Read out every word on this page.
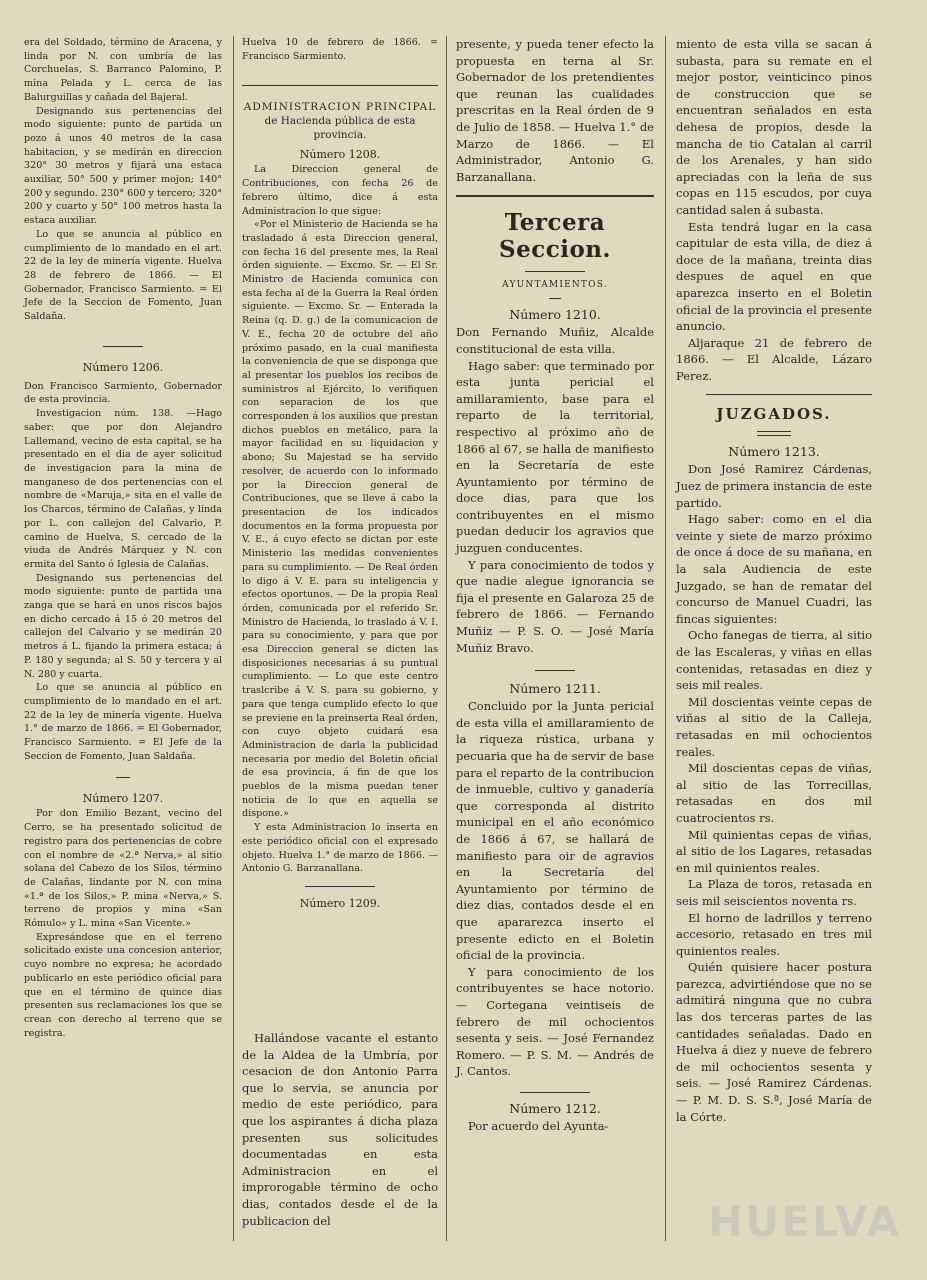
era del Soldado, término de Aracena, y linda por N. con umbría de las Corchuelas, S. Barranco Palomino, P. mina Pelada y L. cerca de las Balurguillas y cañada del Bajeral.

Designando sus pertenencias del modo siguiente: punto de partida un pozo á unos 40 metros de la casa habitacion, y se medirán en direccion 320° 30 metros y fijará una estaca auxiliar, 50° 500 y primer mojon; 140° 200 y segundo. 230° 600 y tercero; 320° 200 y cuarto y 50° 100 metros hasta la estaca auxiliar.

Lo que se anuncia al público en cumplimiento de lo mandado en el art. 22 de la ley de minería vigente. Huelva 28 de febrero de 1866. — El Gobernador, Francisco Sarmiento. = El Jefe de la Seccion de Fomento, Juan Saldaña.

Número 1206.

Don Francisco Sarmiento, Gobernador de esta provincia.

Investigacion núm. 138. —Hago saber: que por don Alejandro Lallemand, vecino de esta capital, se ha presentado en el dia de ayer solicitud de investigacion para la mina de manganeso de dos pertenencias con el nombre de «Maruja,» sita en el valle de los Charcos, término de Calañas, y linda por L. con callejon del Calvario, P. camino de Huelva, S. cercado de la viuda de Andrés Márquez y N. con ermita del Santo ó Iglesia de Calañas.

Designando sus pertenencias del modo siguiente: punto de partida una zanga que se hará en unos riscos bajos en dicho cercado á 15 ó 20 metros del callejon del Calvario y se medirán 20 metros á L. fijando la primera estaca; á P. 180 y segunda; al S. 50 y tercera y al N. 280 y cuarta.

Lo que se anuncia al público en cumplimiento de lo mandado en el art. 22 de la ley de minería vigente. Huelva 1.° de marzo de 1866. = El Gobernador, Francisco Sarmiento. = El Jefe de la Seccion de Fomento, Juan Saldaña.

Número 1207.

Por don Emilio Bezant, vecino del Cerro, se ha presentado solicitud de registro para dos pertenencias de cobre con el nombre de «2.ª Nerva,» al sitio solana del Cabezo de los Silos, término de Calañas, lindante por N. con mina «1.ª de los Silos,» P. mina «Nerva,» S. terreno de propios y mina «San Rómulo» y L. mina «San Vicente.»

Expresándose que en el terreno solicitado existe una concesion anterior, cuyo nombre no expresa; he acordado publicarlo en este periódico oficial para que en el término de quince dias presenten sus reclamaciones los que se crean con derecho al terreno que se registra.

Huelva 10 de febrero de 1866. = Francisco Sarmiento.

ADMINISTRACION PRINCIPAL
de Hacienda pública de esta provincia.
Número 1208.

La Direccion general de Contribuciones, con fecha 26 de febrero último, dice á esta Administracion lo que sigue:

«Por el Ministerio de Hacienda se ha trasladado á esta Direccion general, con fecha 16 del presente mes, la Real órden siguiente. — Excmo. Sr. — El Sr. Ministro de Hacienda comunica con esta fecha al de la Guerra la Real órden siguiente. — Excmo. Sr. — Enterada la Reina (q. D. g.) de la comunicacion de V. E., fecha 20 de octubre del año próximo pasado, en la cual manifiesta la conveniencia de que se disponga que al presentar los pueblos los recibos de suministros al Ejército, lo verifiquen con separacion de los que corresponden á los auxilios que prestan dichos pueblos en metálico, para la mayor facilidad en su liquidacion y abono; Su Majestad se ha servido resolver, de acuerdo con lo informado por la Direccion general de Contribuciones, que se lleve á cabo la presentacion de los indicados documentos en la forma propuesta por V. E., á cuyo efecto se dictan por este Ministerio las medidas convenientes para su cumplimiento. — De Real órden lo digo á V. E. para su inteligencia y efectos oportunos. — De la propia Real órden, comunicada por el referido Sr. Ministro de Hacienda, lo traslado á V. I. para su conocimiento, y para que por esa Direccion general se dicten las disposiciones necesarias á su puntual cumplimiento. — Lo que este centro traslcribe á V. S. para su gobierno, y para que tenga cumplido efecto lo que se previene en la preinserta Real órden, con cuyo objeto cuidará esa Administracion de darla la publicidad necesaria por medio del Boletin oficial de esa provincia, á fin de que los pueblos de la misma puedan tener noticia de lo que en aquella se dispone.»

Y esta Administracion lo inserta en este periódico oficial con el expresado objeto. Huelva 1.° de marzo de 1866. — Antonio G. Barzanallana.

Número 1209.

Hallándose vacante el estanto de la Aldea de la Umbría, por cesacion de don Antonio Parra que lo servia, se anuncia por medio de este periódico, para que los aspirantes á dicha plaza presenten sus solicitudes documentadas en esta Administracion en el improrogable término de ocho dias, contados desde el de la publicacion del

presente, y pueda tener efecto la propuesta en terna al Sr. Gobernador de los pretendientes que reunan las cualidades prescritas en la Real órden de 9 de Julio de 1858. — Huelva 1.° de Marzo de 1866. — El Administrador, Antonio G. Barzanallana.

Tercera Seccion.
AYUNTAMIENTOS.
Número 1210.

Don Fernando Muñiz, Alcalde constitucional de esta villa.

Hago saber: que terminado por esta junta pericial el amillaramiento, base para el reparto de la territorial, respectivo al próximo año de 1866 al 67, se halla de manifiesto en la Secretaría de este Ayuntamiento por término de doce dias, para que los contribuyentes en el mismo puedan deducir los agravios que juzguen conducentes.

Y para conocimiento de todos y que nadie alegue ignorancia se fija el presente en Galaroza 25 de febrero de 1866. — Fernando Muñiz — P. S. O. — José María Muñiz Bravo.

Número 1211.

Concluido por la Junta pericial de esta villa el amillaramiento de la riqueza rústica, urbana y pecuaria que ha de servir de base para el reparto de la contribucion de inmueble, cultivo y ganadería que corresponda al distrito municipal en el año económico de 1866 á 67, se hallará de manifiesto para oir de agravios en la Secretaría del Ayuntamiento por término de diez dias, contados desde el en que apararezca inserto el presente edicto en el Boletin oficial de la provincia.

Y para conocimiento de los contribuyentes se hace notorio. — Cortegana veintiseis de febrero de mil ochocientos sesenta y seis. — José Fernandez Romero. — P. S. M. — Andrés de J. Cantos.

Número 1212.

Por acuerdo del Ayunta-

miento de esta villa se sacan á subasta, para su remate en el mejor postor, veinticinco pinos de construccion que se encuentran señalados en esta dehesa de propios, desde la mancha de tio Catalan al carril de los Arenales, y han sido apreciadas con la leña de sus copas en 115 escudos, por cuya cantidad salen á subasta.

Esta tendrá lugar en la casa capitular de esta villa, de diez á doce de la mañana, treinta dias despues de aquel en que aparezca inserto en el Boletin oficial de la provincia el presente anuncio.

Aljaraque 21 de febrero de 1866. — El Alcalde, Lázaro Perez.

JUZGADOS.
Número 1213.

Don José Ramirez Cárdenas, Juez de primera instancia de este partido.

Hago saber: como en el dia veinte y siete de marzo próximo de once á doce de su mañana, en la sala Audiencia de este Juzgado, se han de rematar del concurso de Manuel Cuadri, las fincas siguientes:

Ocho fanegas de tierra, al sitio de las Escaleras, y viñas en ellas contenidas, retasadas en diez y seis mil reales.

Mil doscientas veinte cepas de viñas al sitio de la Calleja, retasadas en mil ochocientos reales.

Mil doscientas cepas de viñas, al sitio de las Torrecillas, retasadas en dos mil cuatrocientos rs.

Mil quinientas cepas de viñas, al sitio de los Lagares, retasadas en mil quinientos reales.

La Plaza de toros, retasada en seis mil seiscientos noventa rs.

El horno de ladrillos y terreno accesorio, retasado en tres mil quinientos reales.

Quién quisiere hacer postura parezca, advirtiéndose que no se admitirá ninguna que no cubra las dos terceras partes de las cantidades señaladas. Dado en Huelva á diez y nueve de febrero de mil ochocientos sesenta y seis. — José Ramirez Cárdenas. — P. M. D. S. S.ª, José María de la Córte.

HUELVA
